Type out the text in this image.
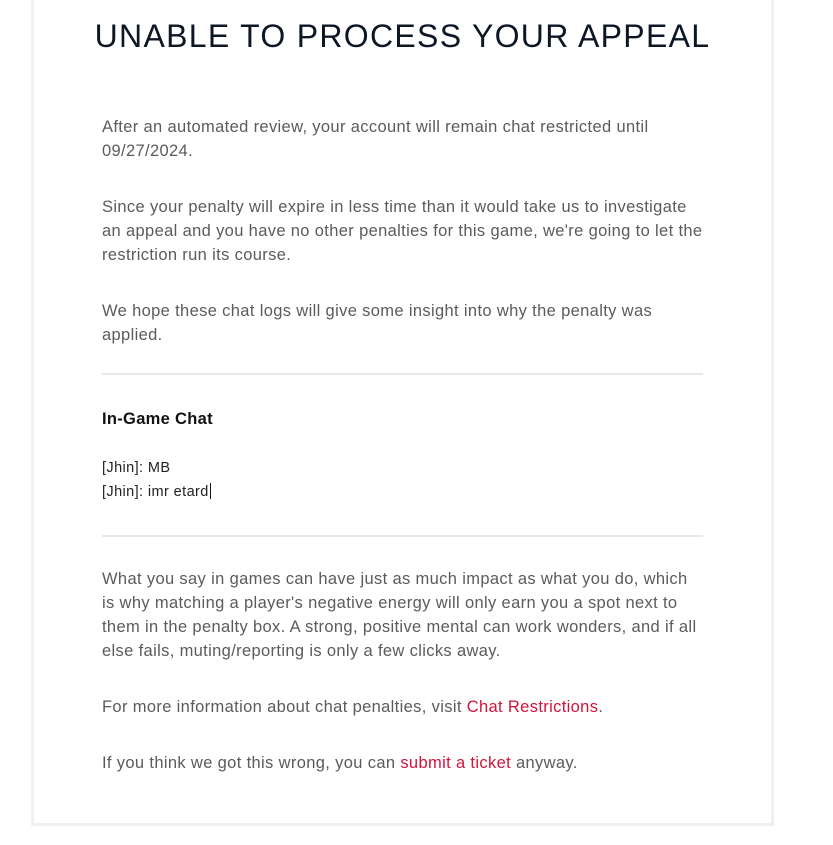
UNABLE TO PROCESS YOUR APPEAL

After an automated review, your account will remain chat restricted until 09/27/2024.

Since your penalty will expire in less time than it would take us to investigate an appeal and you have no other penalties for this game, we're going to let the restriction run its course.

We hope these chat logs will give some insight into why the penalty was applied.

In-Game Chat
[Jhin]: MB
[Jhin]: imr etard

What you say in games can have just as much impact as what you do, which is why matching a player's negative energy will only earn you a spot next to them in the penalty box. A strong, positive mental can work wonders, and if all else fails, muting/reporting is only a few clicks away.

For more information about chat penalties, visit Chat Restrictions.

If you think we got this wrong, you can submit a ticket anyway.
